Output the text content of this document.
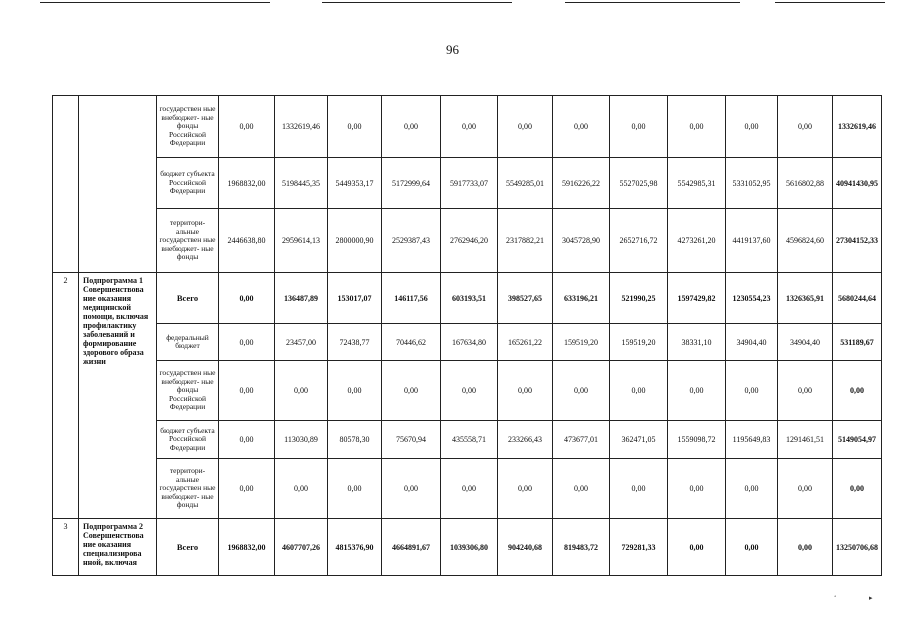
96
		государствен ные внебюджет- ные фонды Российской Федерации	0,00	1332619,46	0,00	0,00	0,00	0,00	0,00	0,00	0,00	0,00	0,00	1332619,46
		бюджет субъекта Российской Федерации	1968832,00	5198445,35	5449353,17	5172999,64	5917733,07	5549285,01	5916226,22	5527025,98	5542985,31	5331052,95	5616802,88	40941430,95
		территори- альные государствен ные внебюджет- ные фонды	2446638,80	2959614,13	2800000,90	2529387,43	2762946,20	2317882,21	3045728,90	2652716,72	4273261,20	4419137,60	4596824,60	27304152,33
2	Подпрограмма 1 Совершенствова ние оказания медицинской помощи, включая профилактику заболеваний и формирование здорового образа жизни	Всего	0,00	136487,89	153017,07	146117,56	603193,51	398527,65	633196,21	521990,25	1597429,82	1230554,23	1326365,91	5680244,64
		федеральный бюджет	0,00	23457,00	72438,77	70446,62	167634,80	165261,22	159519,20	159519,20	38331,10	34904,40	34904,40	531189,67
		государствен ные внебюджет- ные фонды Российской Федерации	0,00	0,00	0,00	0,00	0,00	0,00	0,00	0,00	0,00	0,00	0,00	0,00
		бюджет субъекта Российской Федерации	0,00	113030,89	80578,30	75670,94	435558,71	233266,43	473677,01	362471,05	1559098,72	1195649,83	1291461,51	5149054,97
		территори- альные государствен ные внебюджет- ные фонды	0,00	0,00	0,00	0,00	0,00	0,00	0,00	0,00	0,00	0,00	0,00	0,00
3	Подпрограмма 2 Совершенствова ние оказания специализирова нной, включая	Всего	1968832,00	4607707,26	4815376,90	4664891,67	1039306,80	904240,68	819483,72	729281,33	0,00	0,00	0,00	13250706,68
‘	▸
